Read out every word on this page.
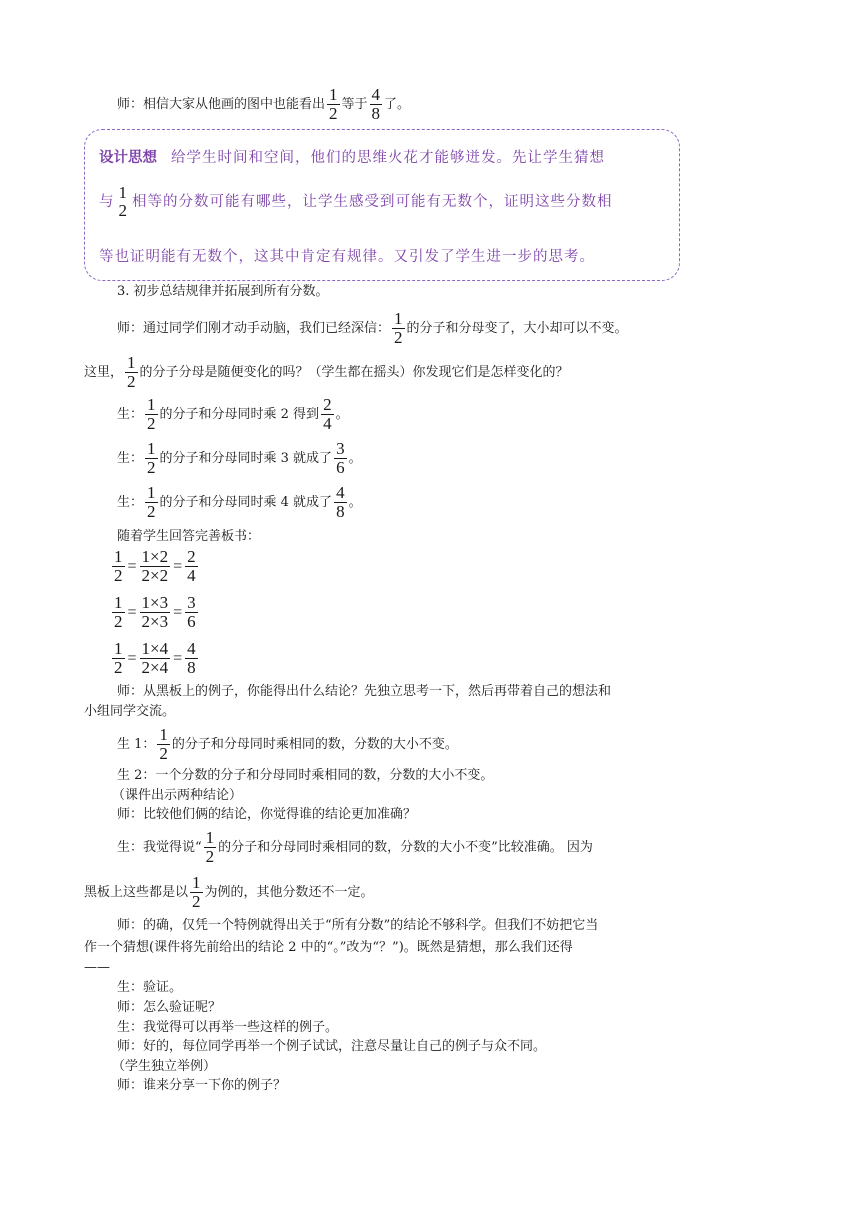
师：相信大家从他画的图中也能看出 $\frac{1}{2}$ 等于 $\frac{4}{8}$ 了。
设计思想 给学生时间和空间，他们的思维火花才能够迸发。先让学生猜想
与 1
2 相等的分数可能有哪些，让学生感受到可能有无数个，证明这些分数相
等也证明能有无数个，这其中肯定有规律。又引发了学生进一步的思考。
3. 初步总结规律并拓展到所有分数。
师：通过同学们刚才动手动脑，我们已经深信： $\frac{1}{2}$ 的分子和分母变了，大小却可以不变。
这里， $\frac{1}{2}$ 的分子分母是随便变化的吗？（学生都在摇头）你发现它们是怎样变化的？
生： $\frac{1}{2}$ 的分子和分母同时乘 2 得到 $\frac{2}{4}$ 。
生： $\frac{1}{2}$ 的分子和分母同时乘 3 就成了 $\frac{3}{6}$ 。
生： $\frac{1}{2}$ 的分子和分母同时乘 4 就成了 $\frac{4}{8}$ 。
随着学生回答完善板书：
$\frac{1}{2} = \frac{1\times 2}{2\times 2} = \frac{2}{4}$
$\frac{1}{2} = \frac{1\times 3}{2\times 3} = \frac{3}{6}$
$\frac{1}{2} = \frac{1\times 4}{2\times 4} = \frac{4}{8}$
师：从黑板上的例子，你能得出什么结论？先独立思考一下，然后再带着自己的想法和
小组同学交流。
生 1： $\frac{1}{2}$ 的分子和分母同时乘相同的数，分数的大小不变。
生 2：一个分数的分子和分母同时乘相同的数，分数的大小不变。
（课件出示两种结论）
师：比较他们俩的结论，你觉得谁的结论更加准确？
生：我觉得说“ $\frac{1}{2}$ 的分子和分母同时乘相同的数，分数的大小不变”比较准确。 因为
黑板上这些都是以 $\frac{1}{2}$ 为例的，其他分数还不一定。
师：的确，仅凭一个特例就得出关于“所有分数”的结论不够科学。但我们不妨把它当
作一个猜想(课件将先前给出的结论 2 中的“。”改为“？”)。既然是猜想，那么我们还得
——
生：验证。
师：怎么验证呢？
生：我觉得可以再举一些这样的例子。
师：好的，每位同学再举一个例子试试，注意尽量让自己的例子与众不同。
（学生独立举例）
师：谁来分享一下你的例子？
